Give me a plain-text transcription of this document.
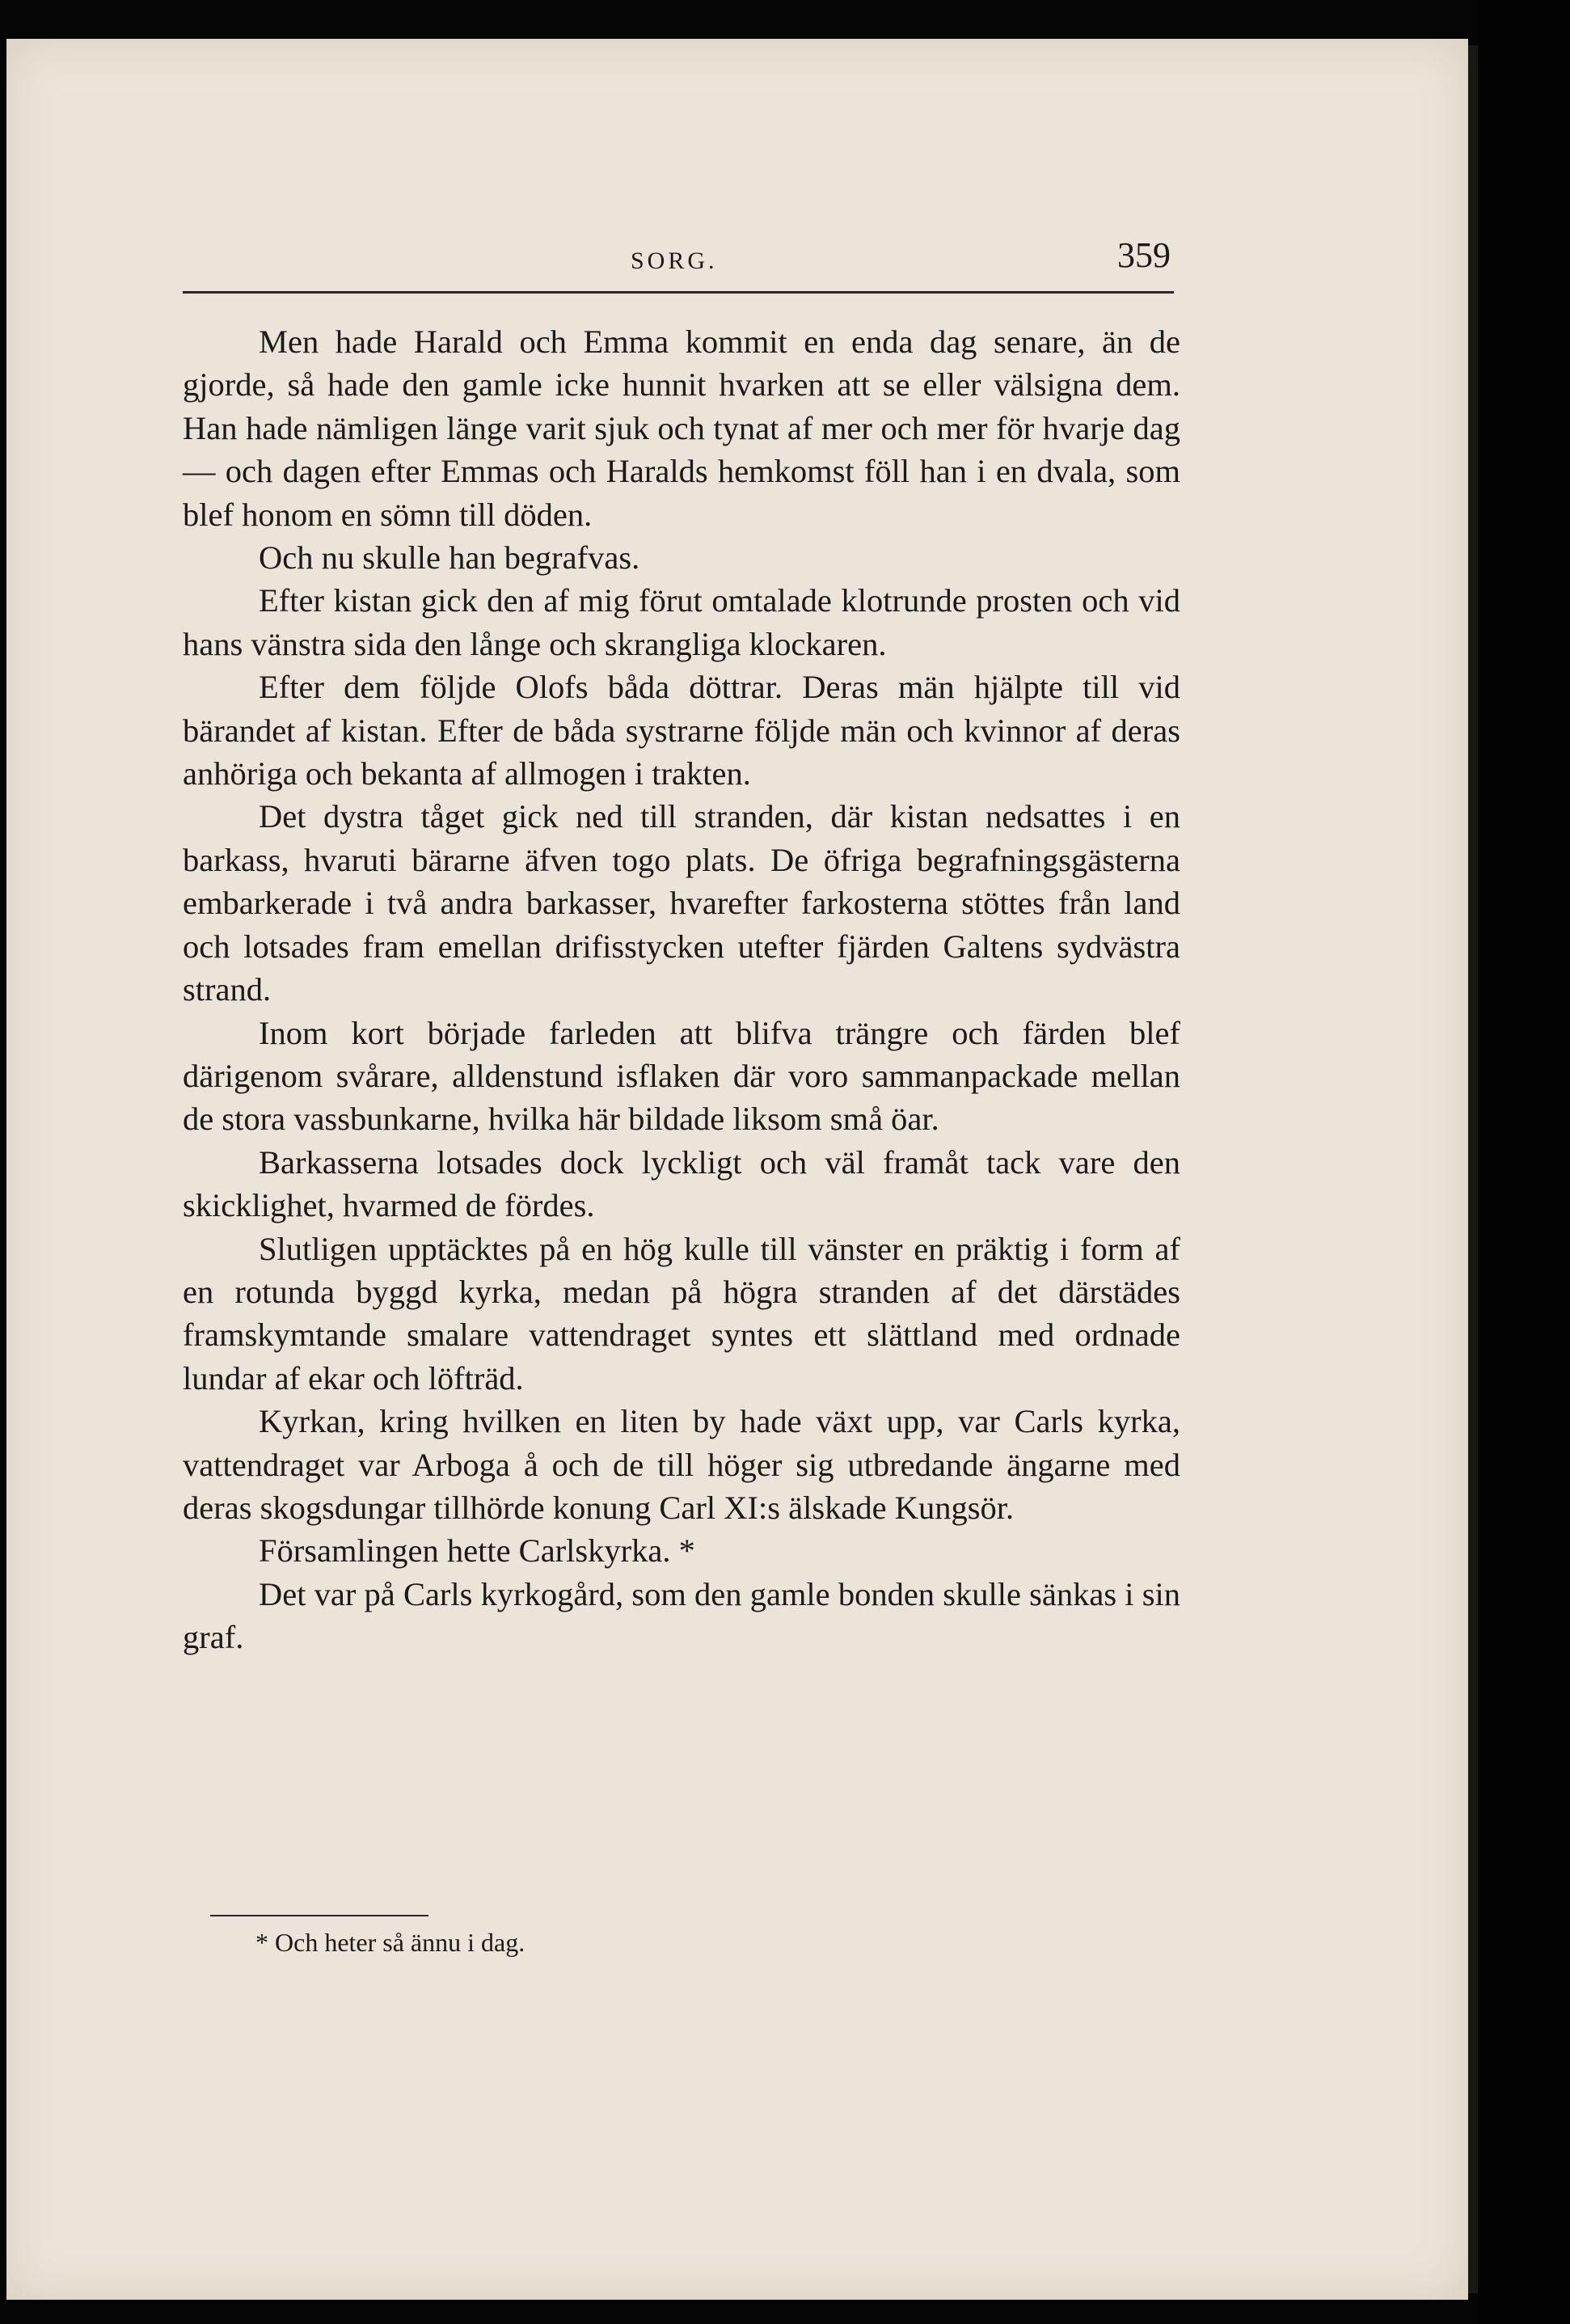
SORG.	359

Men hade Harald och Emma kommit en enda dag senare, än de gjorde, så hade den gamle icke hunnit hvarken att se eller välsigna dem. Han hade nämligen länge varit sjuk och tynat af mer och mer för hvarje dag — och dagen efter Emmas och Haralds hemkomst föll han i en dvala, som blef honom en sömn till döden.

Och nu skulle han begrafvas.

Efter kistan gick den af mig förut omtalade klotrunde prosten och vid hans vänstra sida den långe och skrangliga klockaren.

Efter dem följde Olofs båda döttrar. Deras män hjälpte till vid bärandet af kistan. Efter de båda systrarne följde män och kvinnor af deras anhöriga och bekanta af allmogen i trakten.

Det dystra tåget gick ned till stranden, där kistan nedsattes i en barkass, hvaruti bärarne äfven togo plats. De öfriga begrafningsgästerna embarkerade i två andra barkasser, hvarefter farkosterna stöttes från land och lotsades fram emellan drifisstycken utefter fjärden Galtens sydvästra strand.

Inom kort började farleden att blifva trängre och färden blef därigenom svårare, alldenstund isflaken där voro sammanpackade mellan de stora vassbunkarne, hvilka här bildade liksom små öar.

Barkasserna lotsades dock lyckligt och väl framåt tack vare den skicklighet, hvarmed de fördes.

Slutligen upptäcktes på en hög kulle till vänster en präktig i form af en rotunda byggd kyrka, medan på högra stranden af det därstädes framskymtande smalare vattendraget syntes ett slättland med ordnade lundar af ekar och löfträd.

Kyrkan, kring hvilken en liten by hade växt upp, var Carls kyrka, vattendraget var Arboga å och de till höger sig utbredande ängarne med deras skogsdungar tillhörde konung Carl XI:s älskade Kungsör.

Församlingen hette Carlskyrka. *

Det var på Carls kyrkogård, som den gamle bonden skulle sänkas i sin graf.

* Och heter så ännu i dag.
